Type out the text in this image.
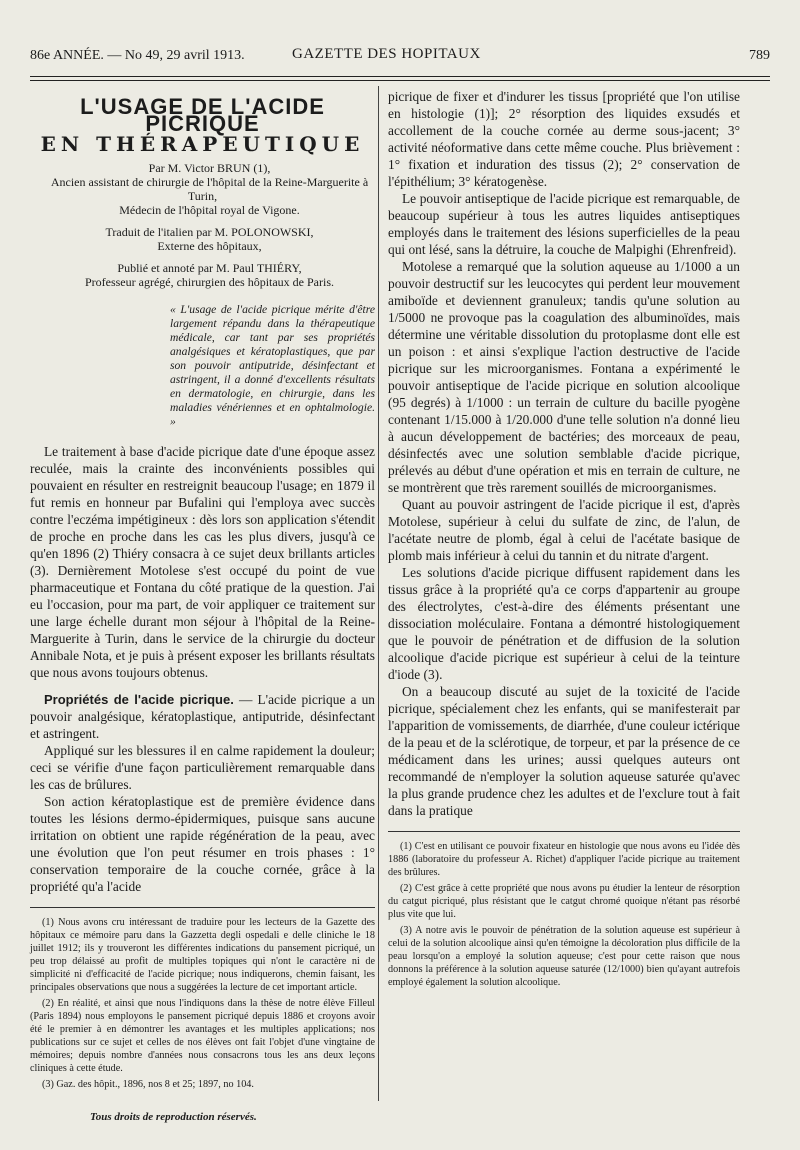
86e ANNÉE. — No 49, 29 avril 1913.	GAZETTE DES HOPITAUX	789
L'USAGE DE L'ACIDE PICRIQUE
EN THÉRAPEUTIQUE

Par M. Victor BRUN (1),

Ancien assistant de chirurgie de l'hôpital de la Reine-Marguerite à Turin,

Médecin de l'hôpital royal de Vigone.

Traduit de l'italien par M. POLONOWSKI,

Externe des hôpitaux,

Publié et annoté par M. Paul THIÉRY,

Professeur agrégé, chirurgien des hôpitaux de Paris.

« L'usage de l'acide picrique mérite d'être largement répandu dans la thérapeutique médicale, car tant par ses propriétés analgésiques et kératoplastiques, que par son pouvoir antiputride, désinfectant et astringent, il a donné d'excellents résultats en dermatologie, en chirurgie, dans les maladies vénériennes et en ophtalmologie. »

Le traitement à base d'acide picrique date d'une époque assez reculée, mais la crainte des inconvénients possibles qui pouvaient en résulter en restreignit beaucoup l'usage; en 1879 il fut remis en honneur par Bufalini qui l'employa avec succès contre l'eczéma impétigineux : dès lors son application s'étendit de proche en proche dans les cas les plus divers, jusqu'à ce qu'en 1896 (2) Thiéry consacra à ce sujet deux brillants articles (3). Dernièrement Motolese s'est occupé du point de vue pharmaceutique et Fontana du côté pratique de la question. J'ai eu l'occasion, pour ma part, de voir appliquer ce traitement sur une large échelle durant mon séjour à l'hôpital de la Reine-Marguerite à Turin, dans le service de la chirurgie du docteur Annibale Nota, et je puis à présent exposer les brillants résultats que nous avons toujours obtenus.

Propriétés de l'acide picrique. — L'acide picrique a un pouvoir analgésique, kératoplastique, antiputride, désinfectant et astringent.

Appliqué sur les blessures il en calme rapidement la douleur; ceci se vérifie d'une façon particulièrement remarquable dans les cas de brûlures.

Son action kératoplastique est de première évidence dans toutes les lésions dermo-épidermiques, puisque sans aucune irritation on obtient une rapide régénération de la peau, avec une évolution que l'on peut résumer en trois phases : 1° conservation temporaire de la couche cornée, grâce à la propriété qu'a l'acide

(1) Nous avons cru intéressant de traduire pour les lecteurs de la Gazette des hôpitaux ce mémoire paru dans la Gazzetta degli ospedali e delle cliniche le 18 juillet 1912; ils y trouveront les différentes indications du pansement picriqué, un peu trop délaissé au profit de multiples topiques qui n'ont le caractère ni de simplicité ni d'efficacité de l'acide picrique; nous indiquerons, chemin faisant, les principales observations que nous a suggérées la lecture de cet important article.

(2) En réalité, et ainsi que nous l'indiquons dans la thèse de notre élève Filleul (Paris 1894) nous employons le pansement picriqué depuis 1886 et croyons avoir été le premier à en démontrer les avantages et les multiples applications; nos publications sur ce sujet et celles de nos élèves ont fait l'objet d'une vingtaine de mémoires; depuis nombre d'années nous consacrons tous les ans deux leçons cliniques à cette étude.

(3) Gaz. des hôpit., 1896, nos 8 et 25; 1897, no 104.

picrique de fixer et d'indurer les tissus [propriété que l'on utilise en histologie (1)]; 2° résorption des liquides exsudés et accollement de la couche cornée au derme sous-jacent; 3° activité néoformative dans cette même couche. Plus brièvement : 1° fixation et induration des tissus (2); 2° conservation de l'épithélium; 3° kératogenèse.

Le pouvoir antiseptique de l'acide picrique est remarquable, de beaucoup supérieur à tous les autres liquides antiseptiques employés dans le traitement des lésions superficielles de la peau qui ont lésé, sans la détruire, la couche de Malpighi (Ehrenfreid).

Motolese a remarqué que la solution aqueuse au 1/1000 a un pouvoir destructif sur les leucocytes qui perdent leur mouvement amiboïde et deviennent granuleux; tandis qu'une solution au 1/5000 ne provoque pas la coagulation des albuminoïdes, mais détermine une véritable dissolution du protoplasme dont elle est un poison : et ainsi s'explique l'action destructive de l'acide picrique sur les microorganismes. Fontana a expérimenté le pouvoir antiseptique de l'acide picrique en solution alcoolique (95 degrés) à 1/1000 : un terrain de culture du bacille pyogène contenant 1/15.000 à 1/20.000 d'une telle solution n'a donné lieu à aucun développement de bactéries; des morceaux de peau, désinfectés avec une solution semblable d'acide picrique, prélevés au début d'une opération et mis en terrain de culture, ne se montrèrent que très rarement souillés de microorganismes.

Quant au pouvoir astringent de l'acide picrique il est, d'après Motolese, supérieur à celui du sulfate de zinc, de l'alun, de l'acétate neutre de plomb, égal à celui de l'acétate basique de plomb mais inférieur à celui du tannin et du nitrate d'argent.

Les solutions d'acide picrique diffusent rapidement dans les tissus grâce à la propriété qu'a ce corps d'appartenir au groupe des électrolytes, c'est-à-dire des éléments présentant une dissociation moléculaire. Fontana a démontré histologiquement que le pouvoir de pénétration et de diffusion de la solution alcoolique d'acide picrique est supérieur à celui de la teinture d'iode (3).

On a beaucoup discuté au sujet de la toxicité de l'acide picrique, spécialement chez les enfants, qui se manifesterait par l'apparition de vomissements, de diarrhée, d'une couleur ictérique de la peau et de la sclérotique, de torpeur, et par la présence de ce médicament dans les urines; aussi quelques auteurs ont recommandé de n'employer la solution aqueuse saturée qu'avec la plus grande prudence chez les adultes et de l'exclure tout à fait dans la pratique

(1) C'est en utilisant ce pouvoir fixateur en histologie que nous avons eu l'idée dès 1886 (laboratoire du professeur A. Richet) d'appliquer l'acide picrique au traitement des brûlures.

(2) C'est grâce à cette propriété que nous avons pu étudier la lenteur de résorption du catgut picriqué, plus résistant que le catgut chromé quoique n'étant pas résorbé plus vite que lui.

(3) A notre avis le pouvoir de pénétration de la solution aqueuse est supérieur à celui de la solution alcoolique ainsi qu'en témoigne la décoloration plus difficile de la peau lorsqu'on a employé la solution aqueuse; c'est pour cette raison que nous donnons la préférence à la solution aqueuse saturée (12/1000) bien qu'ayant autrefois employé également la solution alcoolique.

Tous droits de reproduction réservés.
